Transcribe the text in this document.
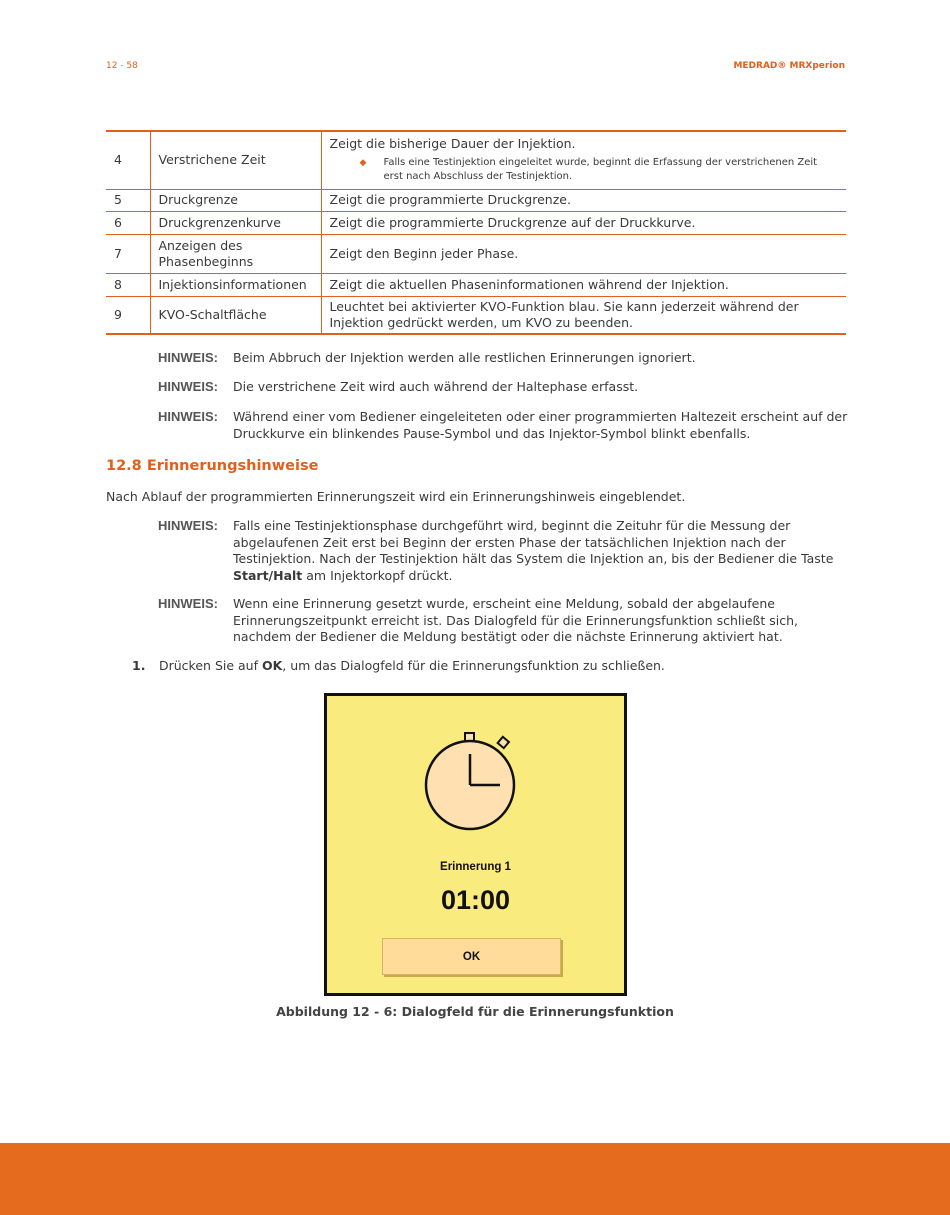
12 - 58	MEDRAD® MRXperion
4	Verstrichene Zeit	Zeigt die bisherige Dauer der Injektion.
◆ Falls eine Testinjektion eingeleitet wurde, beginnt die Erfassung der verstrichenen Zeit erst nach Abschluss der Testinjektion.

5	Druckgrenze	Zeigt die programmierte Druckgrenze.
6	Druckgrenzenkurve	Zeigt die programmierte Druckgrenze auf der Druckkurve.
7	Anzeigen des Phasenbeginns	Zeigt den Beginn jeder Phase.
8	Injektionsinformationen	Zeigt die aktuellen Phaseninformationen während der Injektion.
9	KVO-Schaltfläche	Leuchtet bei aktivierter KVO-Funktion blau. Sie kann jederzeit während der Injektion gedrückt werden, um KVO zu beenden.
HINWEIS:	Beim Abbruch der Injektion werden alle restlichen Erinnerungen ignoriert.
HINWEIS:	Die verstrichene Zeit wird auch während der Haltephase erfasst.
HINWEIS:	Während einer vom Bediener eingeleiteten oder einer programmierten Haltezeit erscheint auf der Druckkurve ein blinkendes Pause-Symbol und das Injektor-Symbol blinkt ebenfalls.
12.8 Erinnerungshinweise
Nach Ablauf der programmierten Erinnerungszeit wird ein Erinnerungshinweis eingeblendet.
HINWEIS:	Falls eine Testinjektionsphase durchgeführt wird, beginnt die Zeituhr für die Messung der abgelaufenen Zeit erst bei Beginn der ersten Phase der tatsächlichen Injektion nach der Testinjektion. Nach der Testinjektion hält das System die Injektion an, bis der Bediener die Taste Start/Halt am Injektorkopf drückt.
HINWEIS:	Wenn eine Erinnerung gesetzt wurde, erscheint eine Meldung, sobald der abgelaufene Erinnerungszeitpunkt erreicht ist. Das Dialogfeld für die Erinnerungsfunktion schließt sich, nachdem der Bediener die Meldung bestätigt oder die nächste Erinnerung aktiviert hat.
1.	Drücken Sie auf OK, um das Dialogfeld für die Erinnerungsfunktion zu schließen.
Erinnerung 1
01:00
OK
Abbildung 12 - 6: Dialogfeld für die Erinnerungsfunktion
